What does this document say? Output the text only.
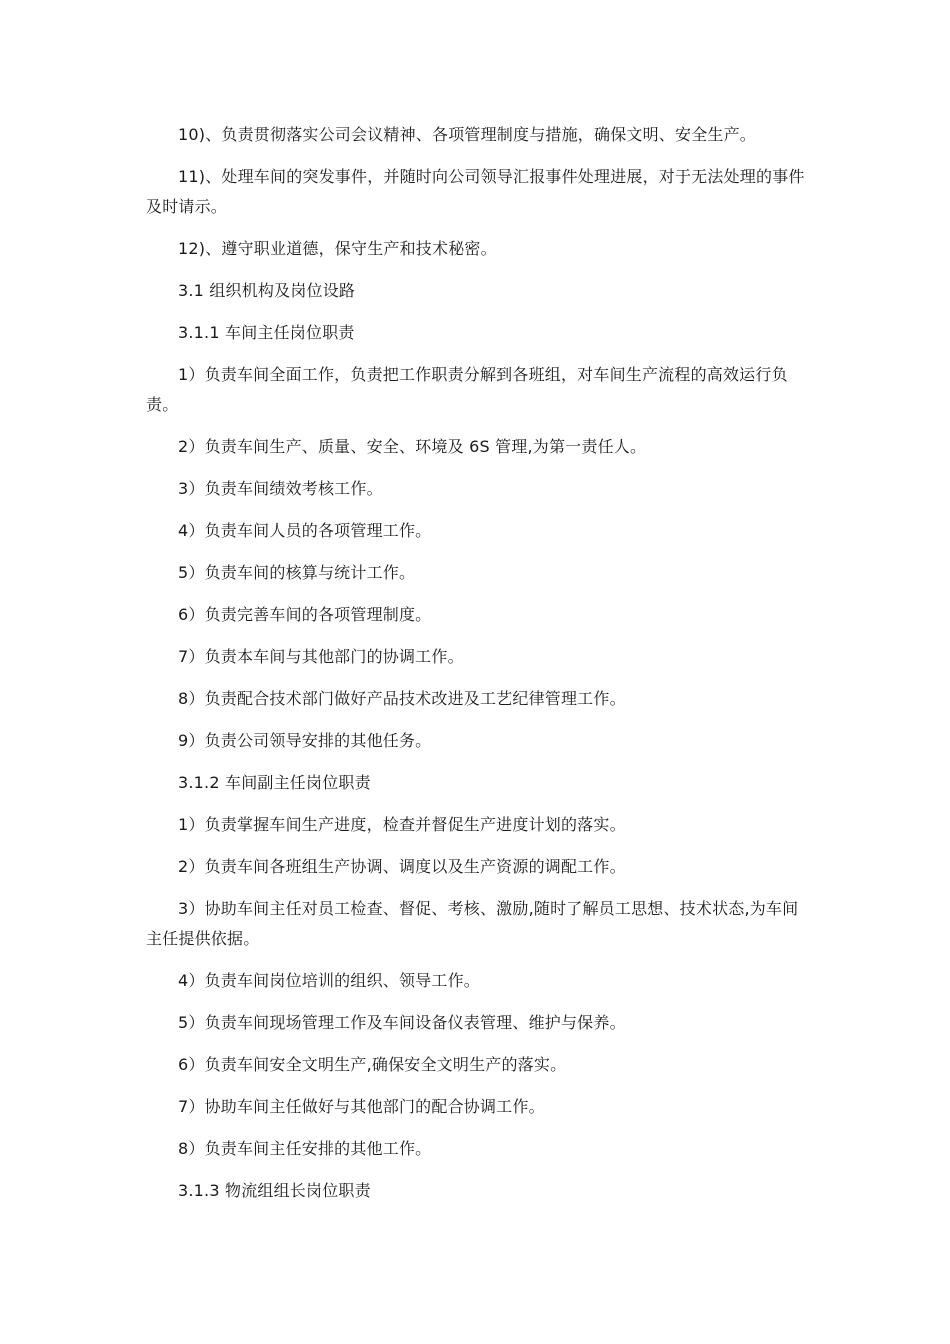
10)、负责贯彻落实公司会议精神、各项管理制度与措施，确保文明、安全生产。

11)、处理车间的突发事件，并随时向公司领导汇报事件处理进展，对于无法处理的事件及时请示。

12)、遵守职业道德，保守生产和技术秘密。

3.1 组织机构及岗位设路

3.1.1 车间主任岗位职责

1）负责车间全面工作，负责把工作职责分解到各班组，对车间生产流程的高效运行负责。

2）负责车间生产、质量、安全、环境及 6S 管理,为第一责任人。

3）负责车间绩效考核工作。

4）负责车间人员的各项管理工作。

5）负责车间的核算与统计工作。

6）负责完善车间的各项管理制度。

7）负责本车间与其他部门的协调工作。

8）负责配合技术部门做好产品技术改进及工艺纪律管理工作。

9）负责公司领导安排的其他任务。

3.1.2 车间副主任岗位职责

1）负责掌握车间生产进度，检查并督促生产进度计划的落实。

2）负责车间各班组生产协调、调度以及生产资源的调配工作。

3）协助车间主任对员工检查、督促、考核、激励,随时了解员工思想、技术状态,为车间主任提供依据。

4）负责车间岗位培训的组织、领导工作。

5）负责车间现场管理工作及车间设备仪表管理、维护与保养。

6）负责车间安全文明生产,确保安全文明生产的落实。

7）协助车间主任做好与其他部门的配合协调工作。

8）负责车间主任安排的其他工作。

3.1.3 物流组组长岗位职责
